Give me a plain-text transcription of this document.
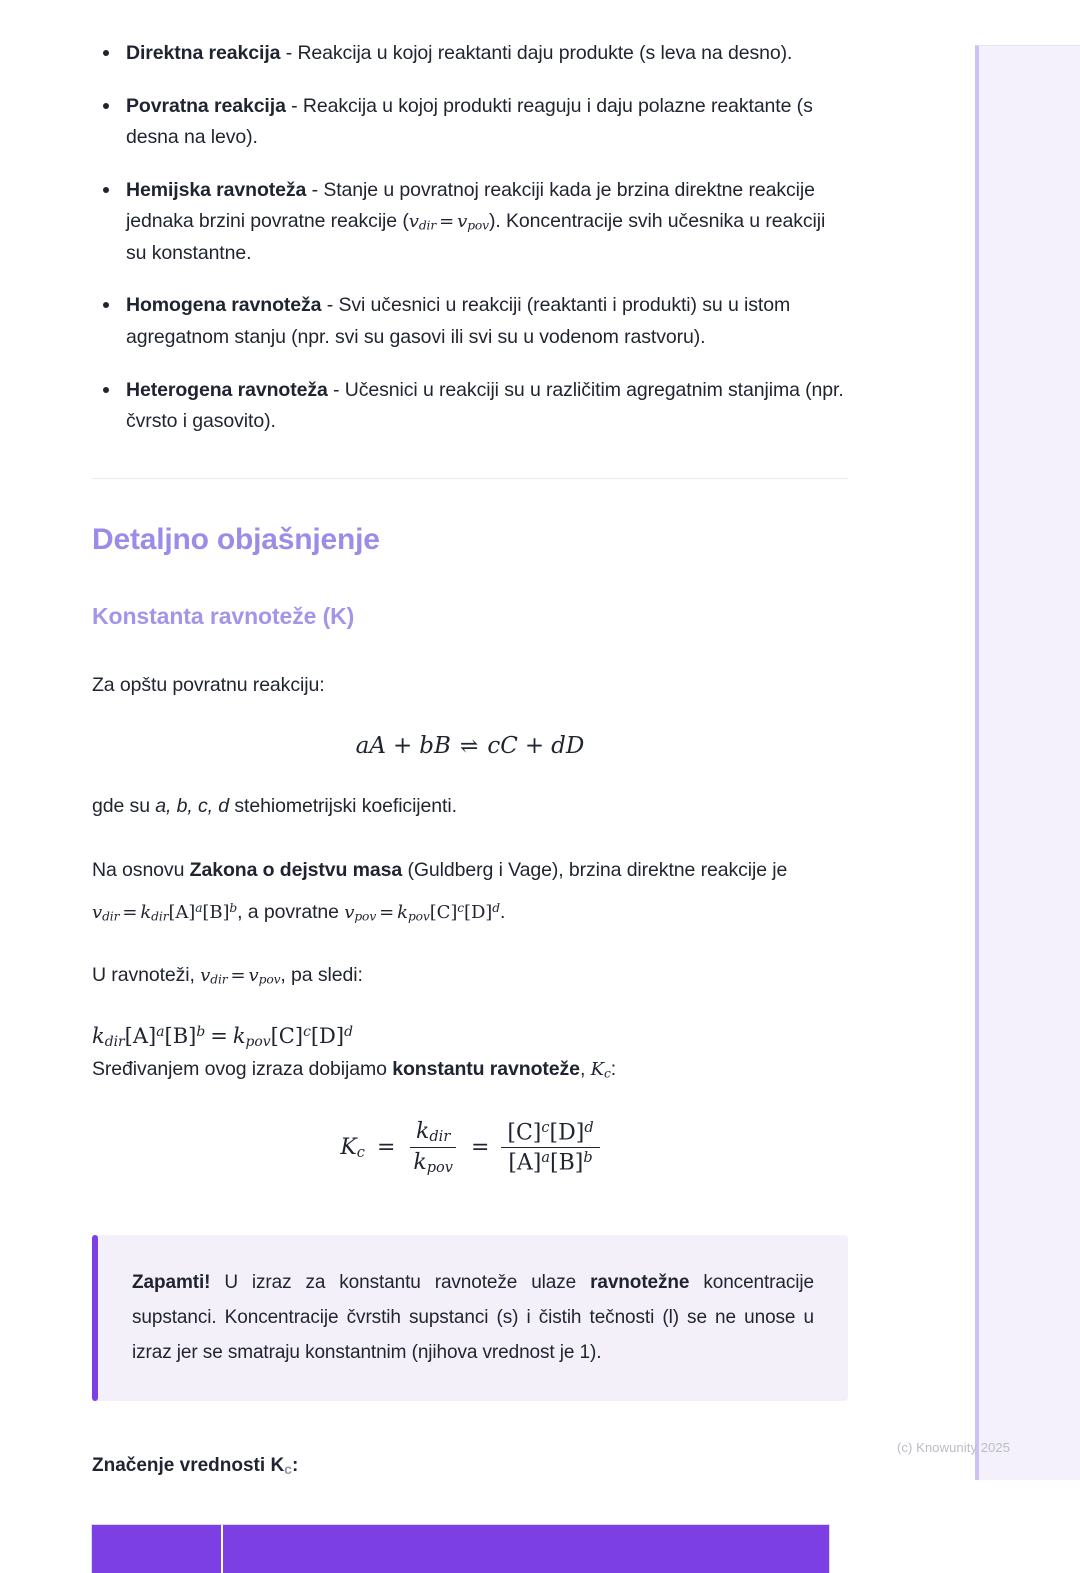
Direktna reakcija - Reakcija u kojoj reaktanti daju produkte (s leva na desno).
Povratna reakcija - Reakcija u kojoj produkti reaguju i daju polazne reaktante (s desna na levo).
Hemijska ravnoteža - Stanje u povratnoj reakciji kada je brzina direktne reakcije jednaka brzini povratne reakcije $(v_{dir} = v_{pov})$. Koncentracije svih učesnika u reakciji su konstantne.
Homogena ravnoteža - Svi učesnici u reakciji (reaktanti i produkti) su u istom agregatnom stanju (npr. svi su gasovi ili svi su u vodenom rastvoru).
Heterogena ravnoteža - Učesnici u reakciji su u različitim agregatnim stanjima (npr. čvrsto i gasovito).
Detaljno objašnjenje
Konstanta ravnoteže (K)

Za opštu povratnu reakciju:

aA + bB ⇌ cC + dD

gde su a, b, c, d stehiometrijski koeficijenti.

Na osnovu Zakona o dejstvu masa (Guldberg i Vage), brzina direktne reakcije je

$v_{dir} = k_{dir}[A]^a[B]^b$, a povratne $v_{pov} = k_{pov}[C]^c[D]^d$.

U ravnoteži, $v_{dir} = v_{pov}$, pa sledi:

$k_{dir}[A]^a[B]^b = k_{pov}[C]^c[D]^d$

Sređivanjem ovog izraza dobijamo konstantu ravnoteže, $K_c$:

$K_c = \frac{k_{dir}}{k_{pov}} = \frac{[C]^c[D]^d}{[A]^a[B]^b}$

Zapamti! U izraz za konstantu ravnoteže ulaze ravnotežne koncentracije supstanci. Koncentracije čvrstih supstanci (s) i čistih tečnosti (l) se ne unose u izraz jer se smatraju konstantnim (njihova vrednost je 1).

Značenje vrednosti Kc:

(c) Knowunity 2025
